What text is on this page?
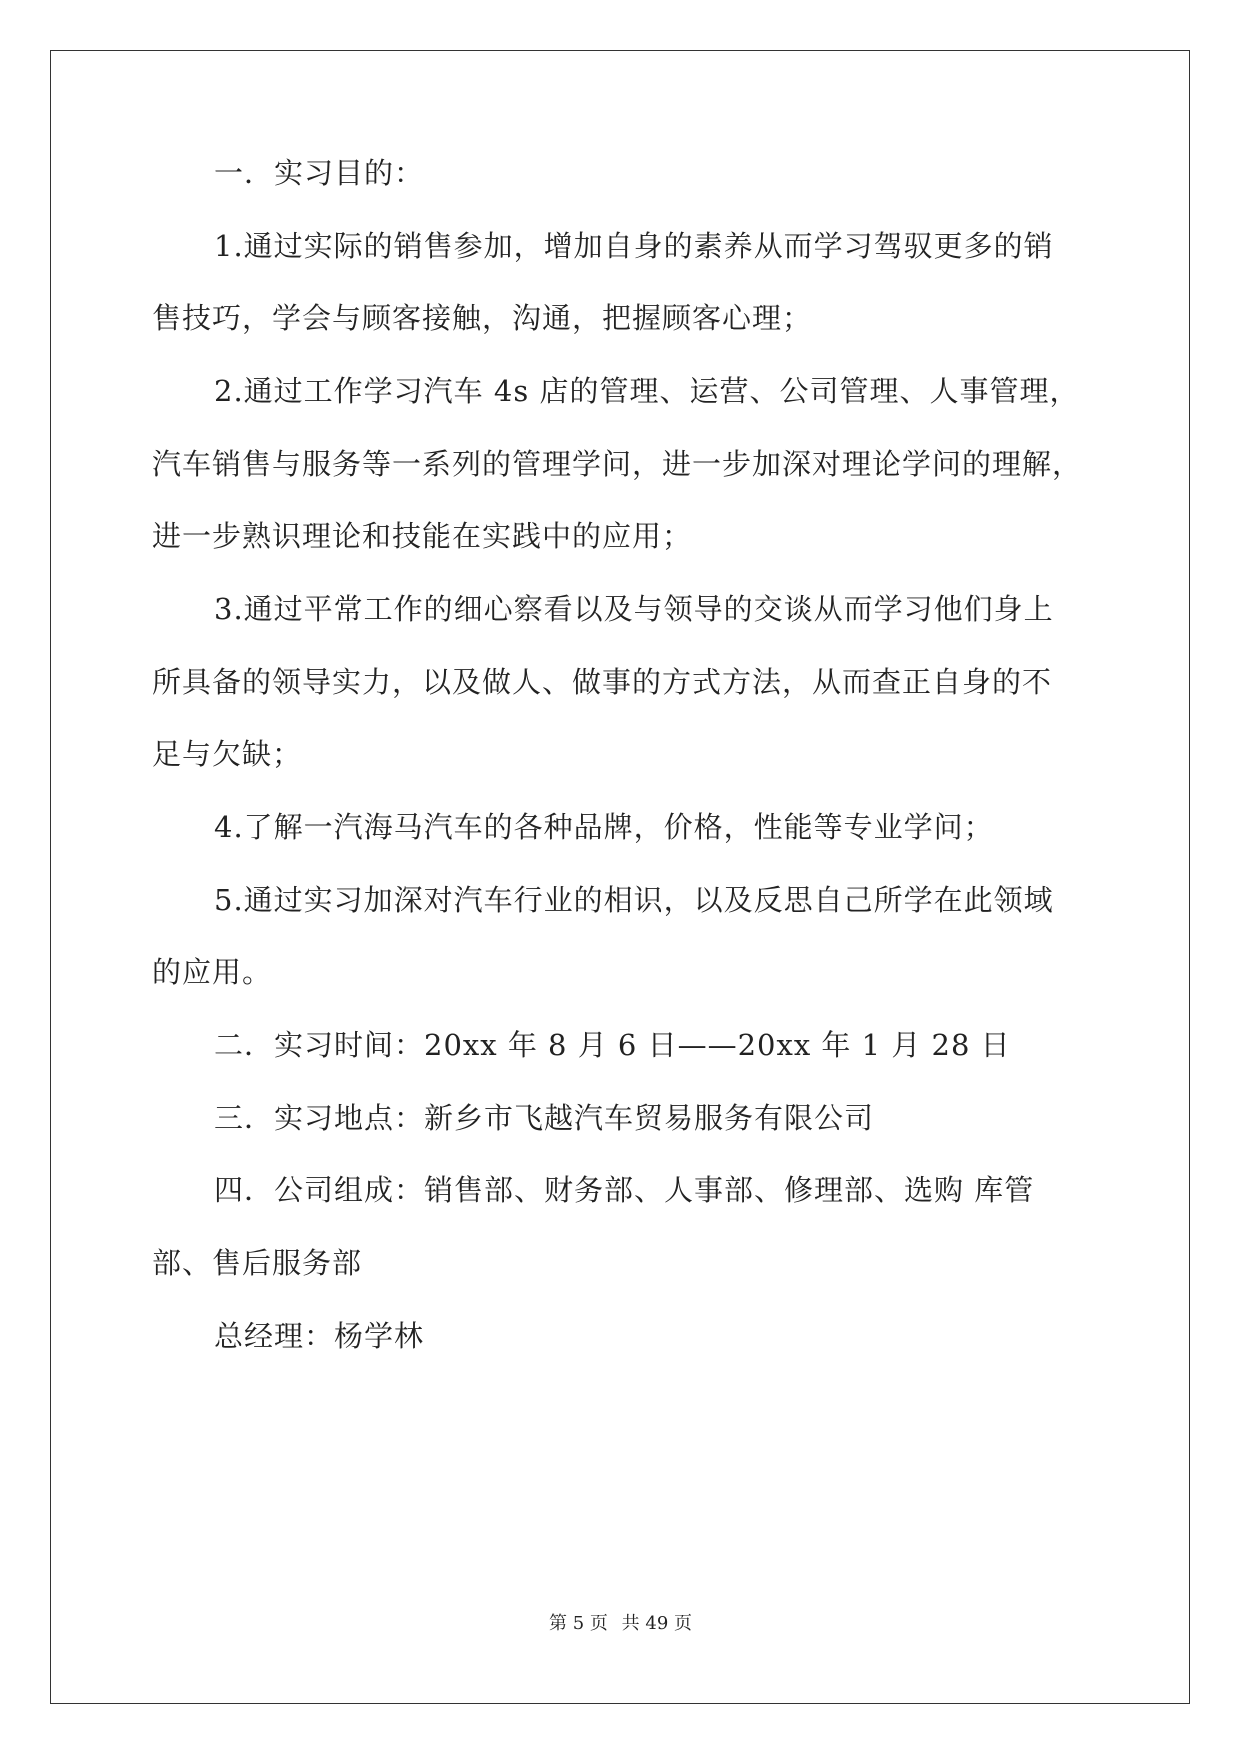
一．实习目的：
1.通过实际的销售参加，增加自身的素养从而学习驾驭更多的销
售技巧，学会与顾客接触，沟通，把握顾客心理；
2.通过工作学习汽车 4s 店的管理、运营、公司管理、人事管理，
汽车销售与服务等一系列的管理学问，进一步加深对理论学问的理解，
进一步熟识理论和技能在实践中的应用；
3.通过平常工作的细心察看以及与领导的交谈从而学习他们身上
所具备的领导实力，以及做人、做事的方式方法，从而查正自身的不
足与欠缺；
4.了解一汽海马汽车的各种品牌，价格，性能等专业学问；
5.通过实习加深对汽车行业的相识，以及反思自己所学在此领域
的应用。
二．实习时间：20xx 年 8 月 6 日——20xx 年 1 月 28 日
三．实习地点：新乡市飞越汽车贸易服务有限公司
四．公司组成：销售部、财务部、人事部、修理部、选购 库管
部、售后服务部
总经理：杨学林
第 5 页 共 49 页
